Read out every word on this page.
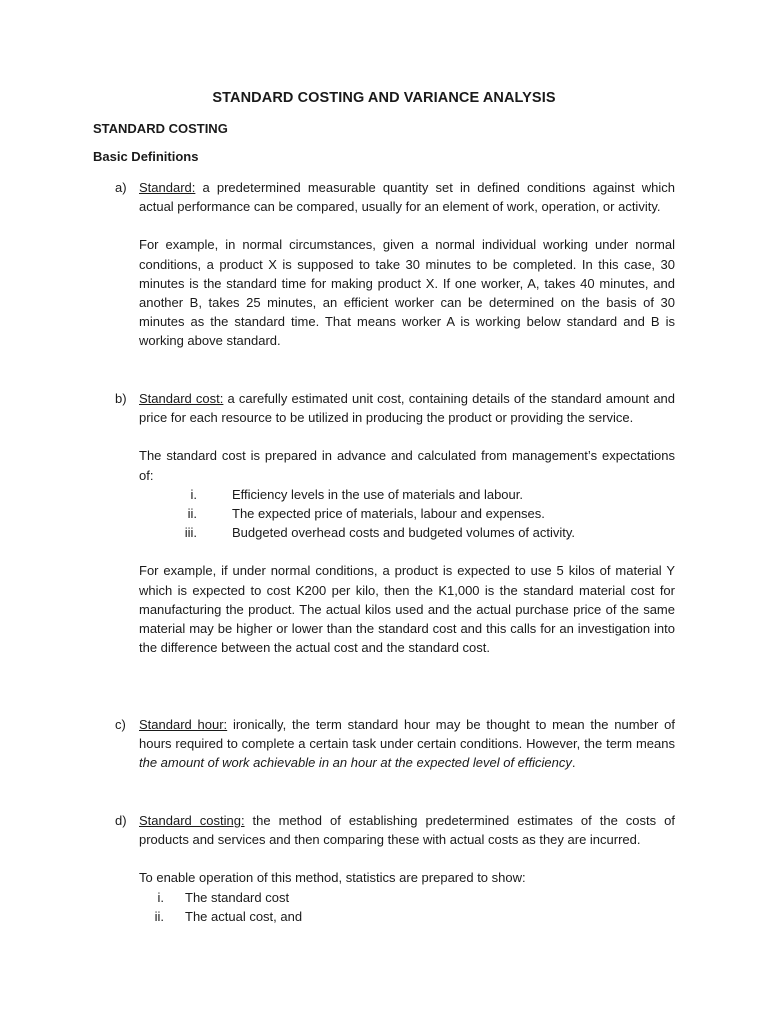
STANDARD COSTING AND VARIANCE ANALYSIS
STANDARD COSTING
Basic Definitions
a) Standard: a predetermined measurable quantity set in defined conditions against which actual performance can be compared, usually for an element of work, operation, or activity.

For example, in normal circumstances, given a normal individual working under normal conditions, a product X is supposed to take 30 minutes to be completed. In this case, 30 minutes is the standard time for making product X. If one worker, A, takes 40 minutes, and another B, takes 25 minutes, an efficient worker can be determined on the basis of 30 minutes as the standard time. That means worker A is working below standard and B is working above standard.

b) Standard cost: a carefully estimated unit cost, containing details of the standard amount and price for each resource to be utilized in producing the product or providing the service.

The standard cost is prepared in advance and calculated from management’s expectations of:
i.	Efficiency levels in the use of materials and labour.
ii.	The expected price of materials, labour and expenses.
iii.	Budgeted overhead costs and budgeted volumes of activity.

For example, if under normal conditions, a product is expected to use 5 kilos of material Y which is expected to cost K200 per kilo, then the K1,000 is the standard material cost for manufacturing the product. The actual kilos used and the actual purchase price of the same material may be higher or lower than the standard cost and this calls for an investigation into the difference between the actual cost and the standard cost.

c) Standard hour: ironically, the term standard hour may be thought to mean the number of hours required to complete a certain task under certain conditions. However, the term means the amount of work achievable in an hour at the expected level of efficiency.

d) Standard costing: the method of establishing predetermined estimates of the costs of products and services and then comparing these with actual costs as they are incurred.

To enable operation of this method, statistics are prepared to show:
i. The standard cost
ii. The actual cost, and
